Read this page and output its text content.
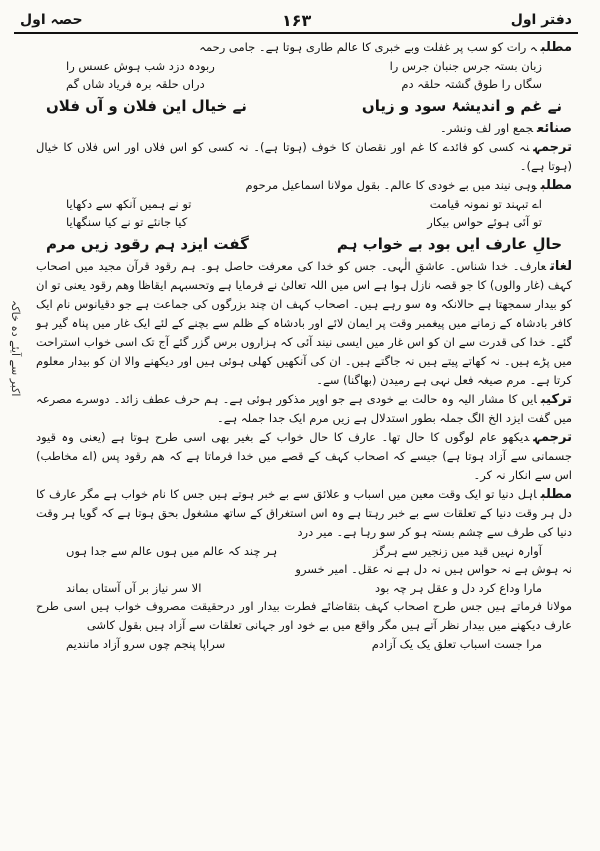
دفتر اول
۱۶۳
حصہ اول
اکبر سے آیئے دہ خاکہ

مطلبہ رات کو سب پر غفلت وبے خبری کا عالم طاری ہوتا ہے۔ جامی رحمہ

زبان بستہ جرس جنبان جرس را
ربودہ دزد شب ہوش عسس را
سگاں را طوق گشتہ حلقہ دم
دراں حلقہ برہ فریاد شاں گم
نے غم و اندیشۂ سود و زیاں
نے خیال این فلان و آں فلاں

صنائعجمع اور لف ونشر۔

ترجمہنہ کسی کو فائدے کا غم اور نقصان کا خوف (ہوتا ہے)۔ نہ کسی کو اس فلاں اور اس فلاں کا خیال (ہوتا ہے)۔

مطلبوہی نیند میں بے خودی کا عالم۔ بقول مولانا اسماعیل مرحوم

اے تبہند تو نمونہ قیامت
تو نے ہمیں آنکھ سے دکھایا
تو آئی ہوئے حواس بیکار
کیا جانئے تو نے کیا سنگھایا
حالِ عارف ایں بود بے خواب ہم
گفت ایزد ہم رقود زیں مرم

لغاتعارف۔ خدا شناس۔ عاشقِ الٰہی۔ جس کو خدا کی معرفت حاصل ہو۔ ہم رقود قرآن مجید میں اصحاب کہف (غار والوں) کا جو قصہ نازل ہوا ہے اس میں اللہ تعالیٰ نے فرمایا ہے وتحسبہم ایقاظا وھم رقود یعنی تو ان کو بیدار سمجھتا ہے حالانکہ وہ سو رہے ہیں۔ اصحاب کہف ان چند بزرگوں کی جماعت ہے جو دقیانوس نام ایک کافر بادشاہ کے زمانے میں پیغمبر وقت پر ایمان لائے اور بادشاہ کے ظلم سے بچنے کے لئے ایک غار میں پناہ گیر ہو گئے۔ خدا کی قدرت سے ان کو اس غار میں ایسی نیند آئی کہ ہزاروں برس گزر گئے آج تک اسی خواب استراحت میں پڑے ہیں۔ نہ کھاتے پیتے ہیں نہ جاگتے ہیں۔ ان کی آنکھیں کھلی ہوئی ہیں اور دیکھنے والا ان کو بیدار معلوم کرتا ہے۔ مرم صیغہ فعل نہی ہے رمیدن (بھاگنا) سے۔

ترکیبایں کا مشار الیہ وہ حالت بے خودی ہے جو اوپر مذکور ہوئی ہے۔ ہم حرف عطف زائد۔ دوسرے مصرعہ میں گفت ایزد الخ الگ جملہ بطور استدلال ہے زیں مرم ایک جدا جملہ ہے۔

ترجمہدیکھو عام لوگوں کا حال تھا۔ عارف کا حال خواب کے بغیر بھی اسی طرح ہوتا ہے (یعنی وہ قیود جسمانی سے آزاد ہوتا ہے) جیسے کہ اصحاب کہف کے قصے میں خدا فرماتا ہے کہ ھم رقود پس (اے مخاطب) اس سے انکار نہ کر۔

مطلباہل دنیا تو ایک وقت معین میں اسباب و علائق سے بے خبر ہوتے ہیں جس کا نام خواب ہے مگر عارف کا دل ہر وقت دنیا کے تعلقات سے بے خبر رہتا ہے وہ اس استغراق کے ساتھ مشغول بحق ہوتا ہے کہ گویا ہر وقت دنیا کی طرف سے چشم بستہ ہو کر سو رہا ہے۔ میر درد

آوارہ نہیں قید میں زنجیر سے ہرگز
ہر چند کہ عالم میں ہوں عالم سے جدا ہوں

نہ ہوش ہے نہ حواس ہیں نہ دل ہے نہ عقل۔ امیر خسرو

مارا وداع کرد دل و عقل ہر چہ بود
الا سر نیاز بر آں آستاں بماند

مولانا فرماتے ہیں جس طرح اصحاب کہف بتقاضائے فطرت بیدار اور درحقیقت مصروف خواب ہیں اسی طرح عارف دیکھنے میں بیدار نظر آتے ہیں مگر واقع میں بے خود اور جہانی تعلقات سے آزاد ہیں بقول کاشی

مرا جست اسباب تعلق یک یک آزادم
سراپا پنجم چوں سرو آزاد مانندیم
